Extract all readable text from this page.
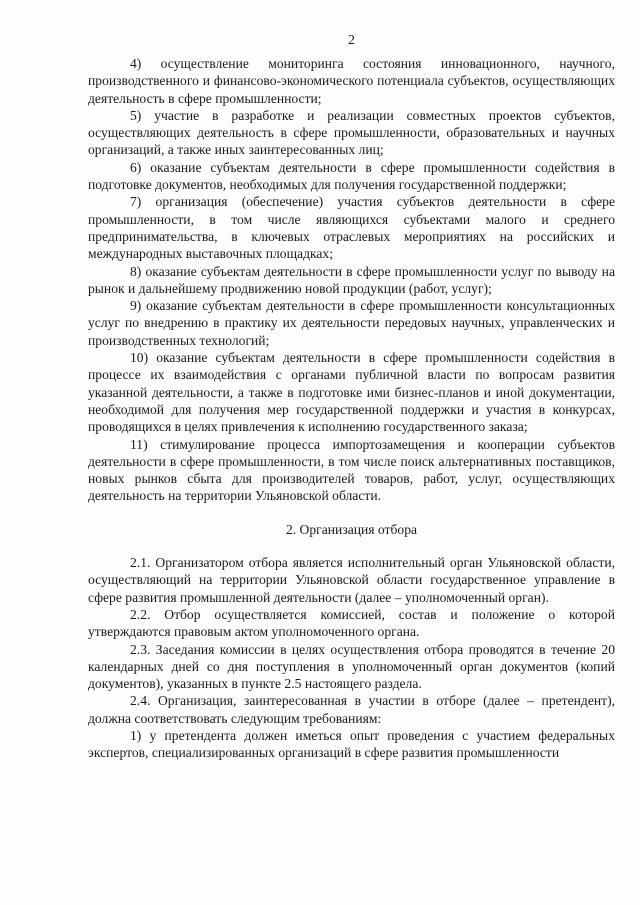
2

4) осуществление мониторинга состояния инновационного, научного, производственного и финансово-экономического потенциала субъектов, осуществляющих деятельность в сфере промышленности;

5) участие в разработке и реализации совместных проектов субъектов, осуществляющих деятельность в сфере промышленности, образовательных и научных организаций, а также иных заинтересованных лиц;

6) оказание субъектам деятельности в сфере промышленности содействия в подготовке документов, необходимых для получения государственной поддержки;

7) организация (обеспечение) участия субъектов деятельности в сфере промышленности, в том числе являющихся субъектами малого и среднего предпринимательства, в ключевых отраслевых мероприятиях на российских и международных выставочных площадках;

8) оказание субъектам деятельности в сфере промышленности услуг по выводу на рынок и дальнейшему продвижению новой продукции (работ, услуг);

9) оказание субъектам деятельности в сфере промышленности консультационных услуг по внедрению в практику их деятельности передовых научных, управленческих и производственных технологий;

10) оказание субъектам деятельности в сфере промышленности содействия в процессе их взаимодействия с органами публичной власти по вопросам развития указанной деятельности, а также в подготовке ими бизнес-планов и иной документации, необходимой для получения мер государственной поддержки и участия в конкурсах, проводящихся в целях привлечения к исполнению государственного заказа;

11) стимулирование процесса импортозамещения и кооперации субъектов деятельности в сфере промышленности, в том числе поиск альтернативных поставщиков, новых рынков сбыта для производителей товаров, работ, услуг, осуществляющих деятельность на территории Ульяновской области.

2. Организация отбора

2.1. Организатором отбора является исполнительный орган Ульяновской области, осуществляющий на территории Ульяновской области государственное управление в сфере развития промышленной деятельности (далее – уполномоченный орган).

2.2. Отбор осуществляется комиссией, состав и положение о которой утверждаются правовым актом уполномоченного органа.

2.3. Заседания комиссии в целях осуществления отбора проводятся в течение 20 календарных дней со дня поступления в уполномоченный орган документов (копий документов), указанных в пункте 2.5 настоящего раздела.

2.4. Организация, заинтересованная в участии в отборе (далее – претендент), должна соответствовать следующим требованиям:

1) у претендента должен иметься опыт проведения с участием федеральных экспертов, специализированных организаций в сфере развития промышленности
